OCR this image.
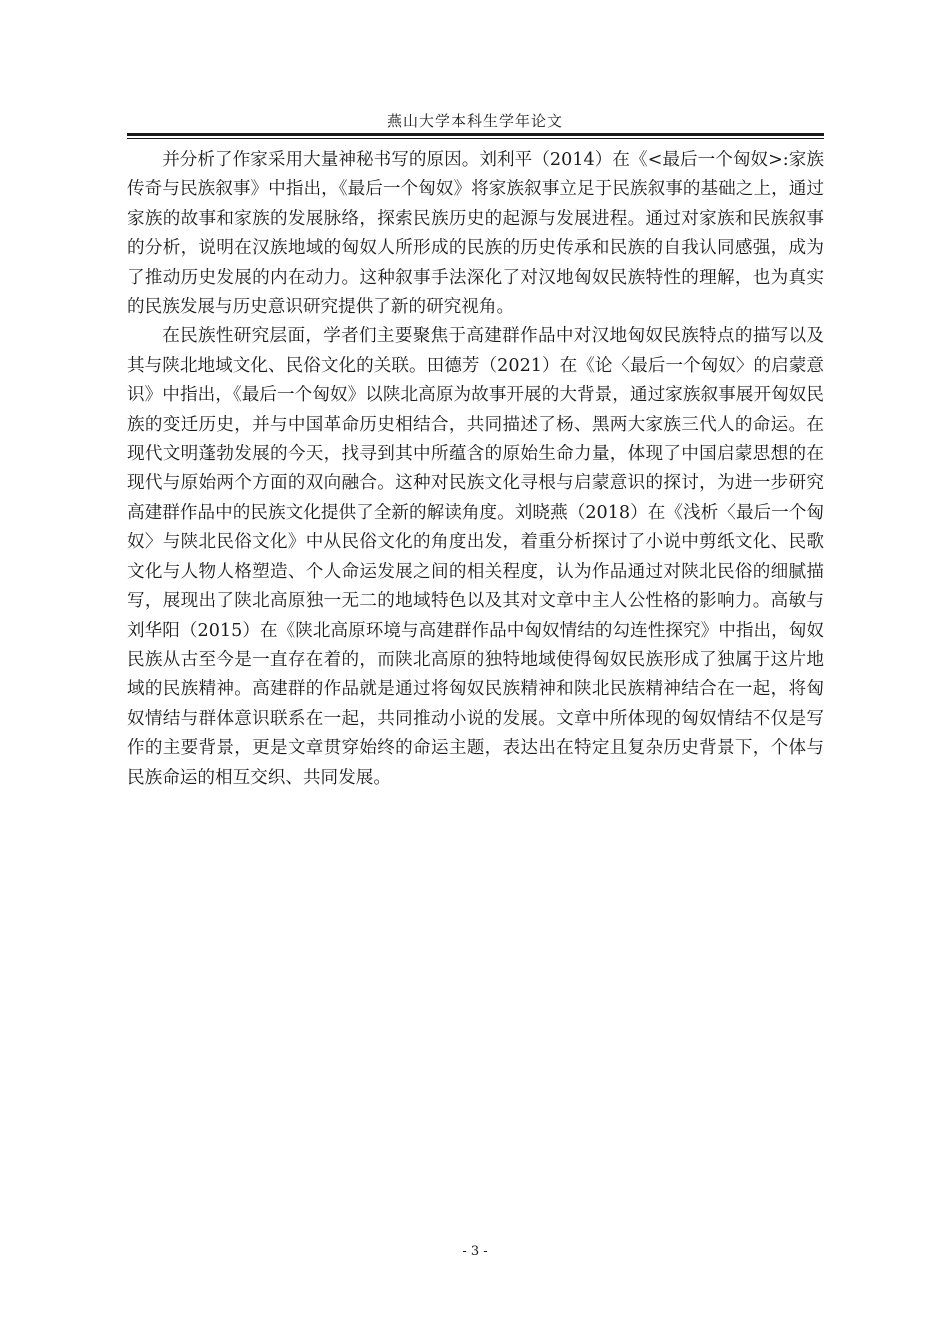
燕山大学本科生学年论文

并分析了作家采用大量神秘书写的原因。刘利平（2014）在《<最后一个匈奴>:家族传奇与民族叙事》中指出，《最后一个匈奴》将家族叙事立足于民族叙事的基础之上，通过家族的故事和家族的发展脉络，探索民族历史的起源与发展进程。通过对家族和民族叙事的分析，说明在汉族地域的匈奴人所形成的民族的历史传承和民族的自我认同感强，成为了推动历史发展的内在动力。这种叙事手法深化了对汉地匈奴民族特性的理解，也为真实的民族发展与历史意识研究提供了新的研究视角。

在民族性研究层面，学者们主要聚焦于高建群作品中对汉地匈奴民族特点的描写以及其与陕北地域文化、民俗文化的关联。田德芳（2021）在《论〈最后一个匈奴〉的启蒙意识》中指出，《最后一个匈奴》以陕北高原为故事开展的大背景，通过家族叙事展开匈奴民族的变迁历史，并与中国革命历史相结合，共同描述了杨、黑两大家族三代人的命运。在现代文明蓬勃发展的今天，找寻到其中所蕴含的原始生命力量，体现了中国启蒙思想的在现代与原始两个方面的双向融合。这种对民族文化寻根与启蒙意识的探讨，为进一步研究高建群作品中的民族文化提供了全新的解读角度。刘晓燕（2018）在《浅析〈最后一个匈奴〉与陕北民俗文化》中从民俗文化的角度出发，着重分析探讨了小说中剪纸文化、民歌文化与人物人格塑造、个人命运发展之间的相关程度，认为作品通过对陕北民俗的细腻描写，展现出了陕北高原独一无二的地域特色以及其对文章中主人公性格的影响力。高敏与刘华阳（2015）在《陕北高原环境与高建群作品中匈奴情结的勾连性探究》中指出，匈奴民族从古至今是一直存在着的，而陕北高原的独特地域使得匈奴民族形成了独属于这片地域的民族精神。高建群的作品就是通过将匈奴民族精神和陕北民族精神结合在一起，将匈奴情结与群体意识联系在一起，共同推动小说的发展。文章中所体现的匈奴情结不仅是写作的主要背景，更是文章贯穿始终的命运主题，表达出在特定且复杂历史背景下，个体与民族命运的相互交织、共同发展。

- 3 -
